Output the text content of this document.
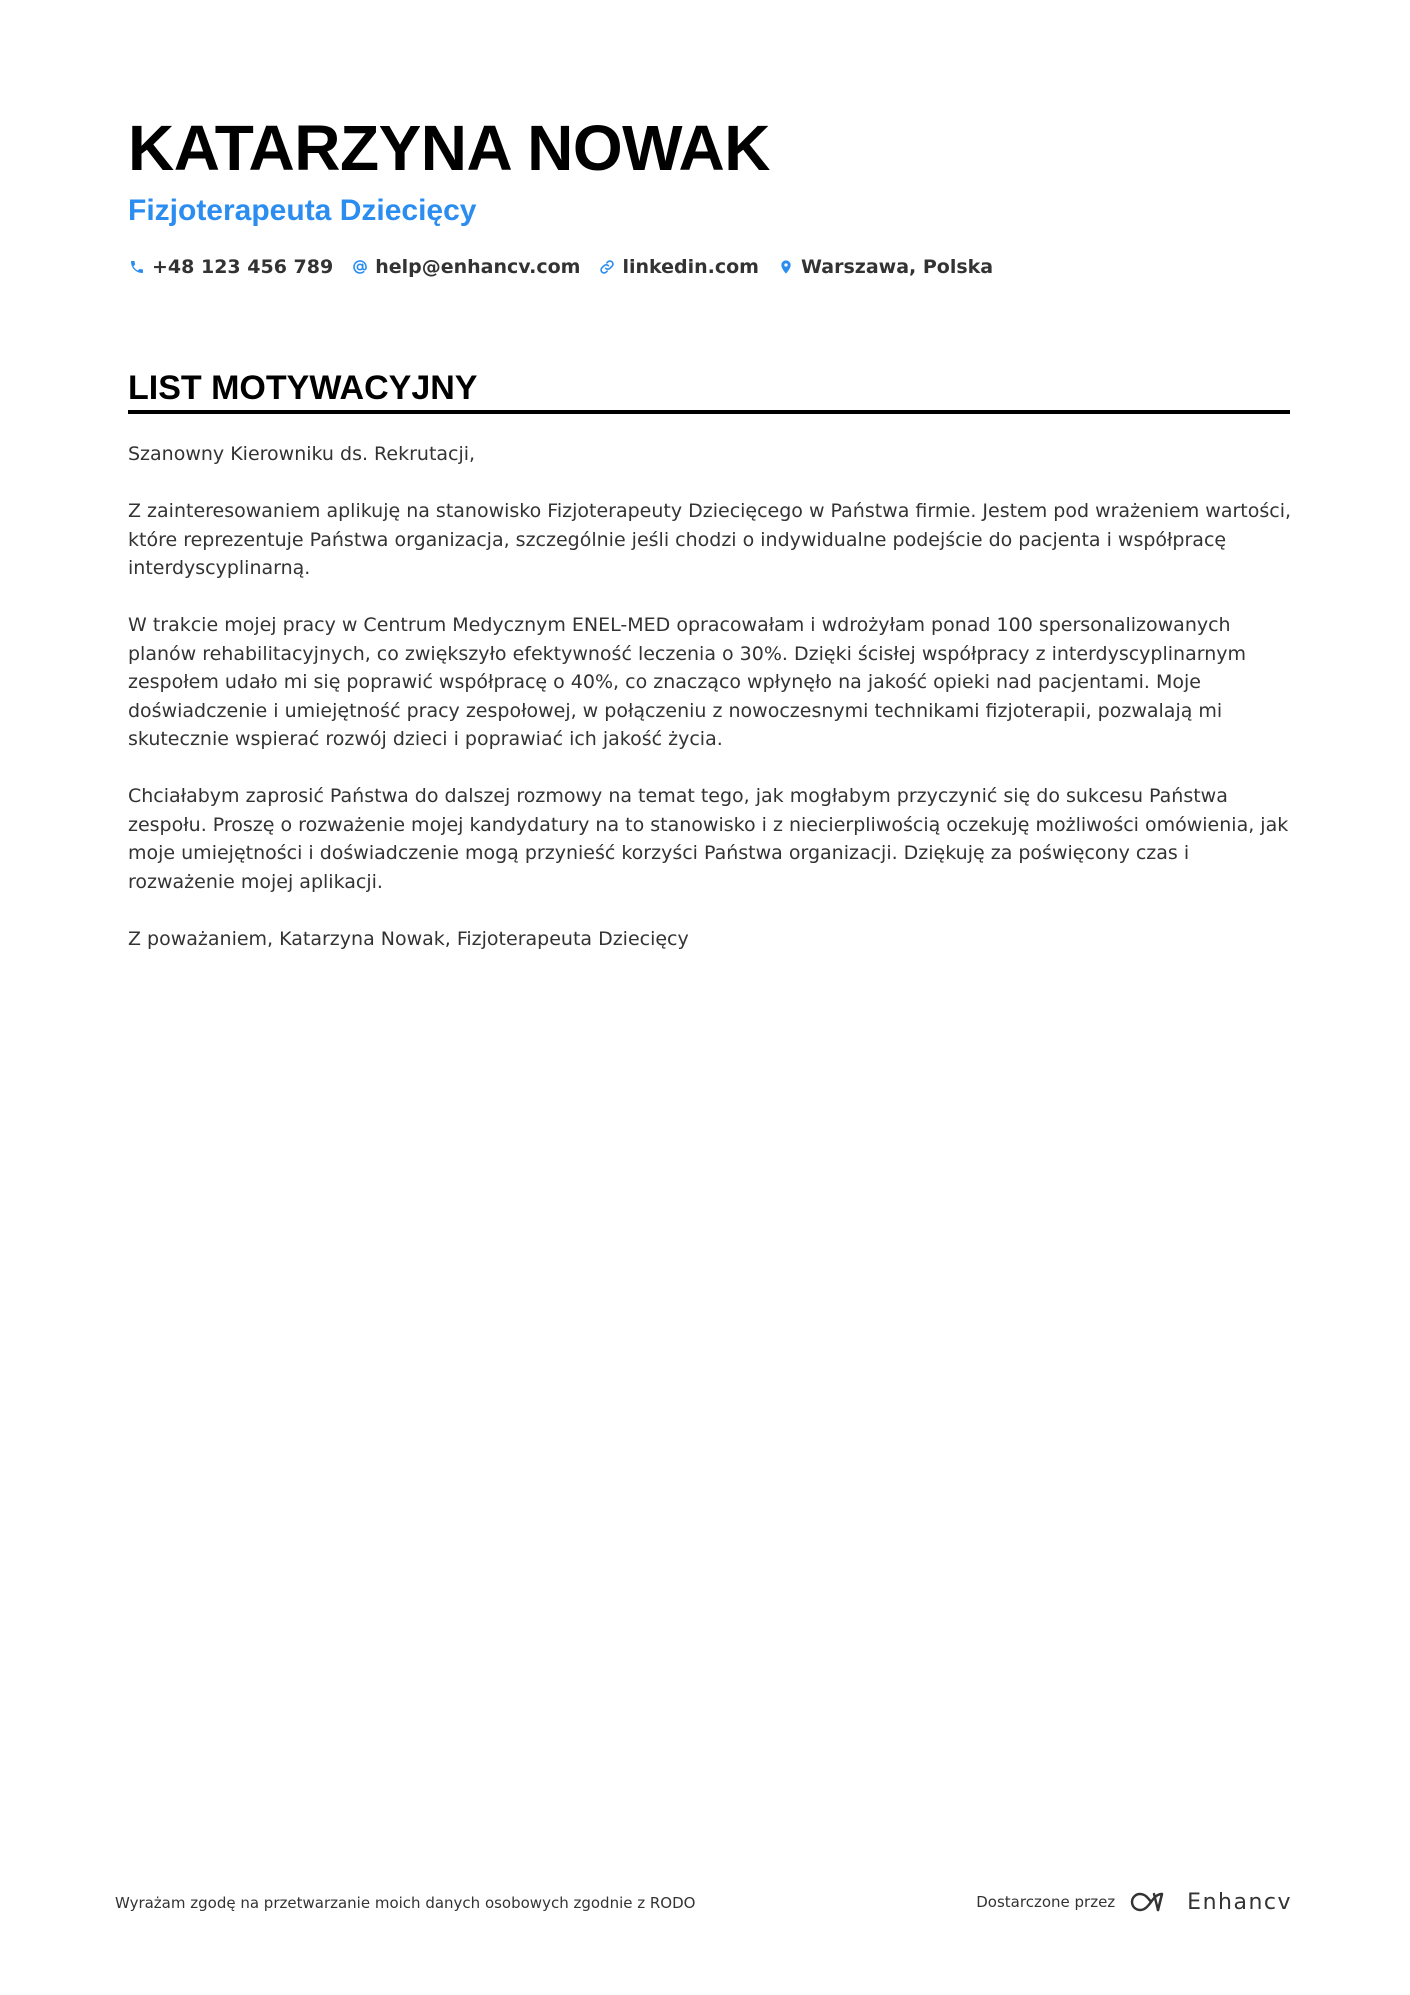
KATARZYNA NOWAK
Fizjoterapeuta Dziecięcy
+48 123 456 789 help@enhancv.com linkedin.com Warszawa, Polska
LIST MOTYWACYJNY

Szanowny Kierowniku ds. Rekrutacji,

Z zainteresowaniem aplikuję na stanowisko Fizjoterapeuty Dziecięcego w Państwa firmie. Jestem pod wrażeniem wartości, które reprezentuje Państwa organizacja, szczególnie jeśli chodzi o indywidualne podejście do pacjenta i współpracę interdyscyplinarną.

W trakcie mojej pracy w Centrum Medycznym ENEL-MED opracowałam i wdrożyłam ponad 100 spersonalizowanych planów rehabilitacyjnych, co zwiększyło efektywność leczenia o 30%. Dzięki ścisłej współpracy z interdyscyplinarnym zespołem udało mi się poprawić współpracę o 40%, co znacząco wpłynęło na jakość opieki nad pacjentami. Moje doświadczenie i umiejętność pracy zespołowej, w połączeniu z nowoczesnymi technikami fizjoterapii, pozwalają mi skutecznie wspierać rozwój dzieci i poprawiać ich jakość życia.

Chciałabym zaprosić Państwa do dalszej rozmowy na temat tego, jak mogłabym przyczynić się do sukcesu Państwa zespołu. Proszę o rozważenie mojej kandydatury na to stanowisko i z niecierpliwością oczekuję możliwości omówienia, jak moje umiejętności i doświadczenie mogą przynieść korzyści Państwa organizacji. Dziękuję za poświęcony czas i rozważenie mojej aplikacji.

Z poważaniem, Katarzyna Nowak, Fizjoterapeuta Dziecięcy

Wyrażam zgodę na przetwarzanie moich danych osobowych zgodnie z RODO	Dostarczone przez	Enhancv
